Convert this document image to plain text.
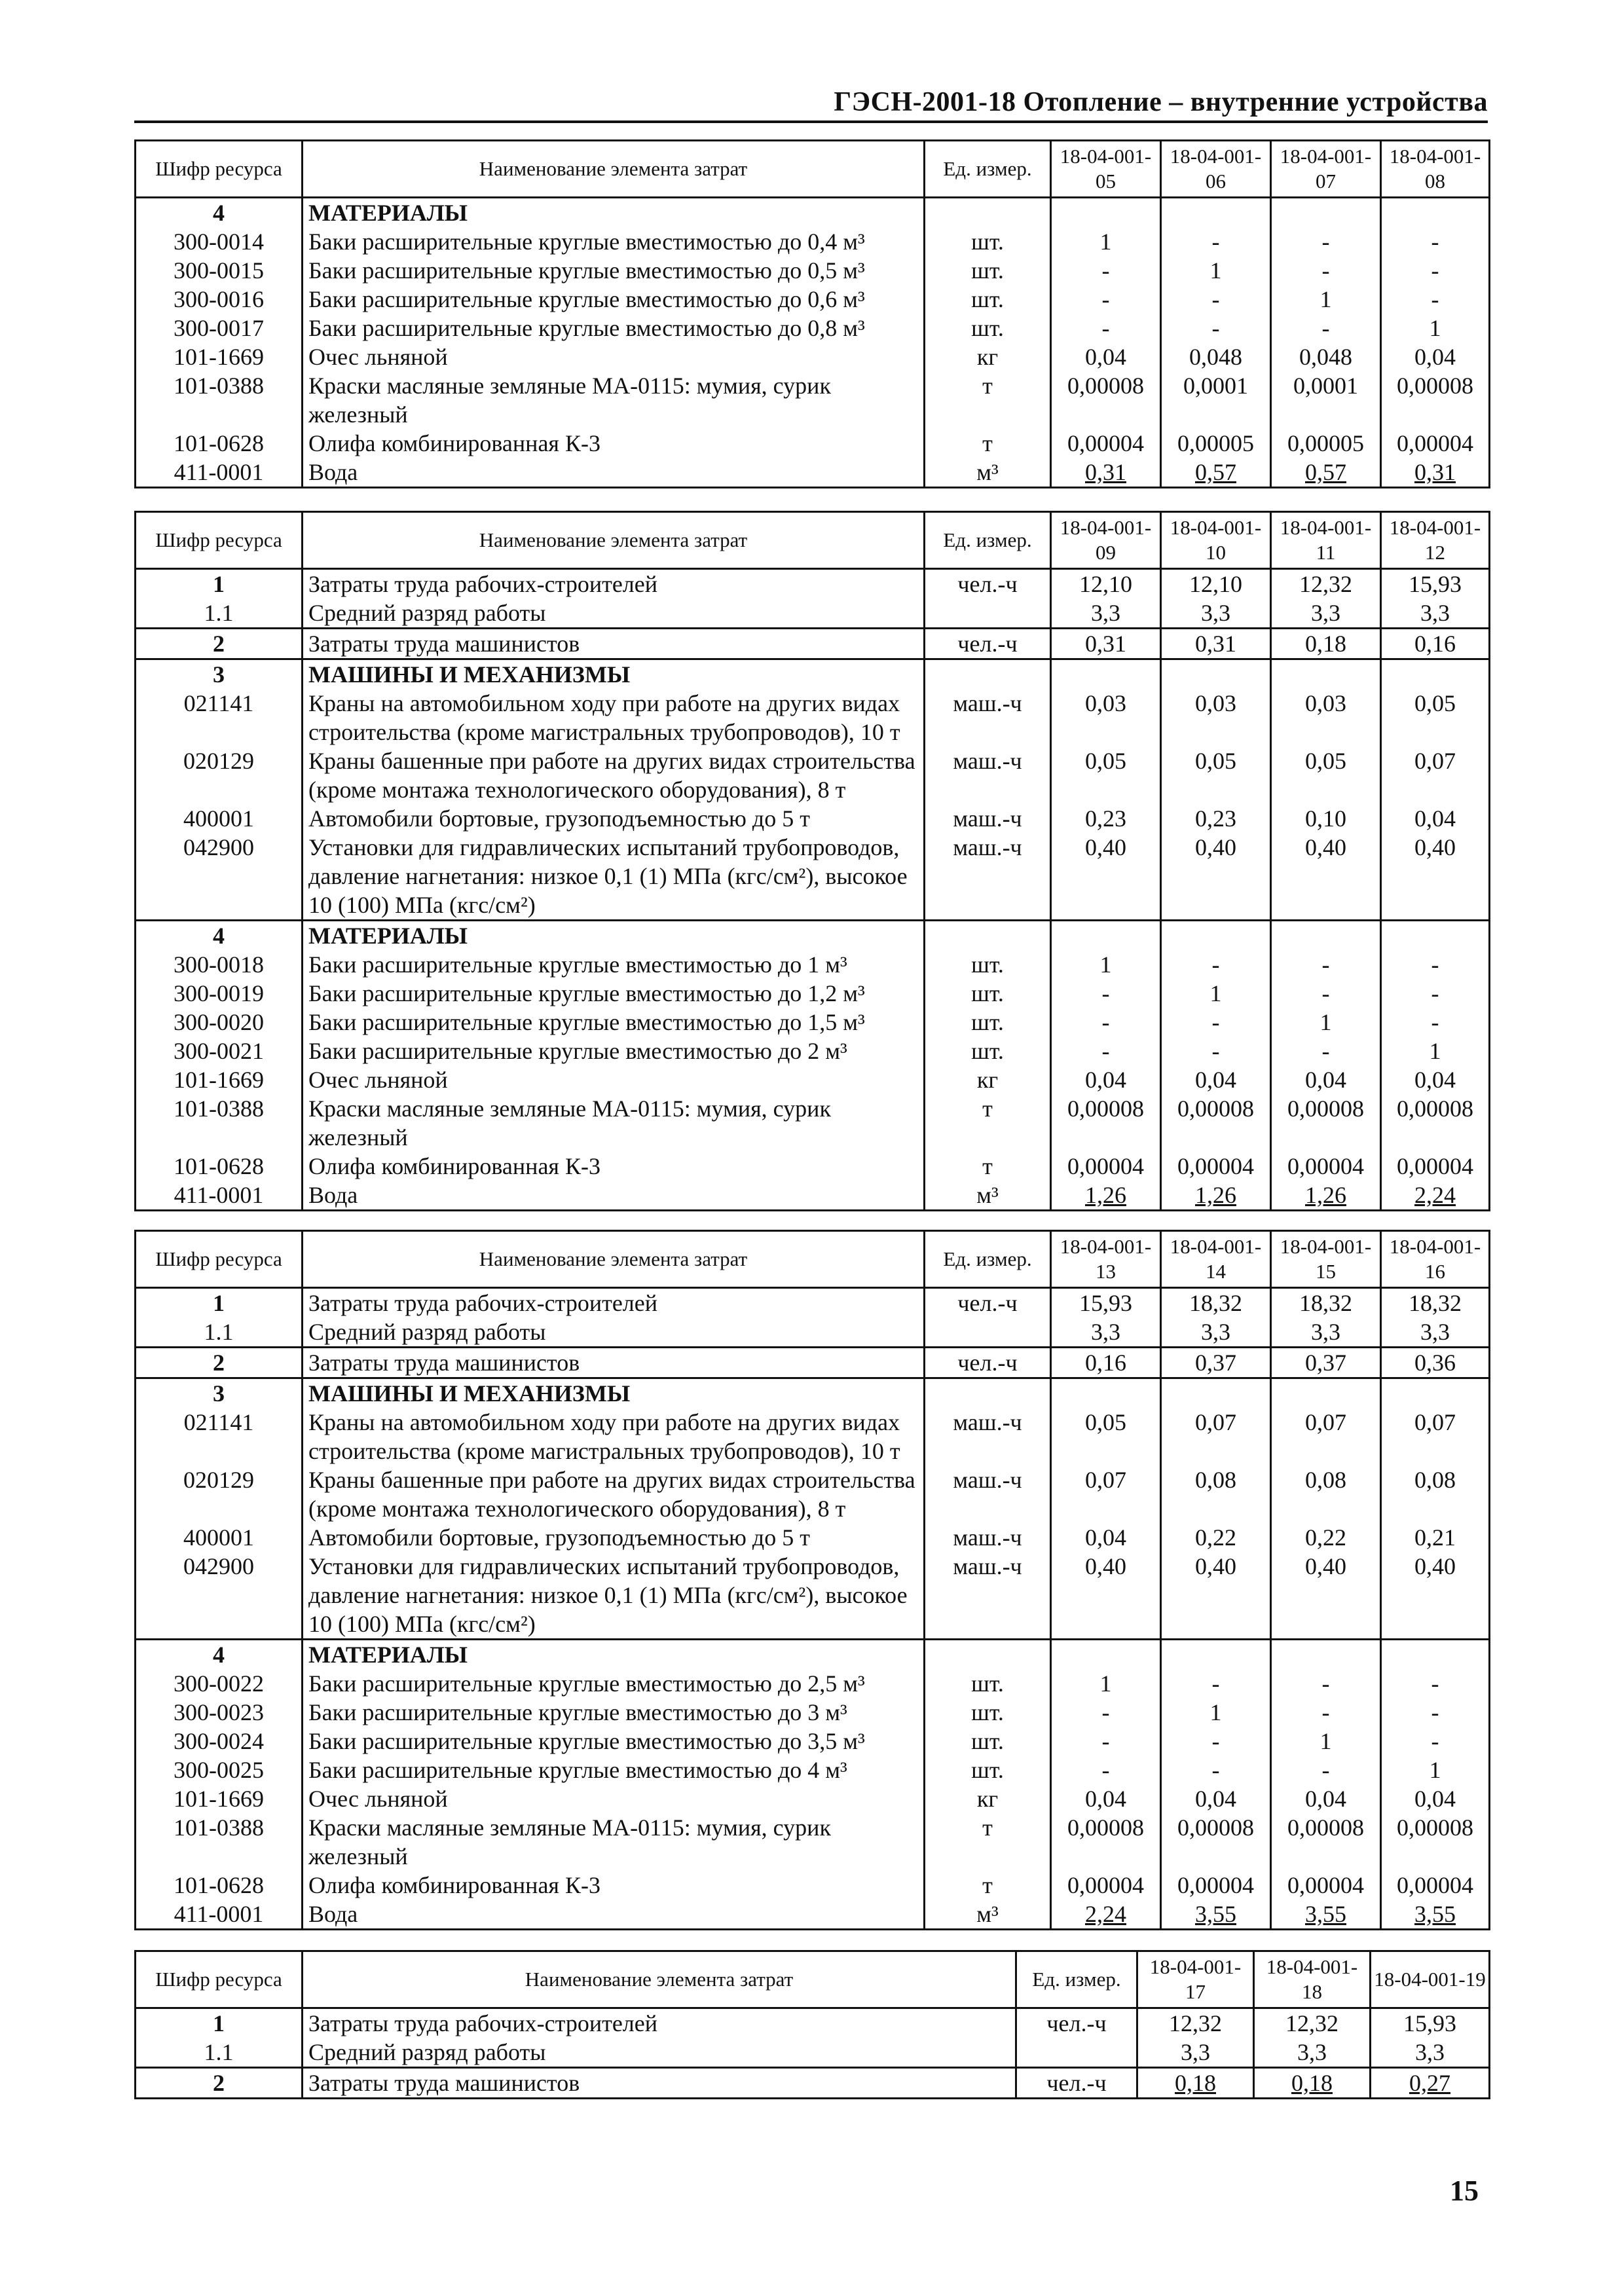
ГЭСН-2001-18 Отопление – внутренние устройства
Шифр ресурса	Наименование элемента затрат	Ед. измер.	18-04-001-05	18-04-001-06	18-04-001-07	18-04-001-08
4	МАТЕРИАЛЫ					
300-0014	Баки расширительные круглые вместимостью до 0,4 м³	шт.	1	-	-	-
300-0015	Баки расширительные круглые вместимостью до 0,5 м³	шт.	-	1	-	-
300-0016	Баки расширительные круглые вместимостью до 0,6 м³	шт.	-	-	1	-
300-0017	Баки расширительные круглые вместимостью до 0,8 м³	шт.	-	-	-	1
101-1669	Очес льняной	кг	0,04	0,048	0,048	0,04
101-0388	Краски масляные земляные МА-0115: мумия, сурик железный	т	0,00008	0,0001	0,0001	0,00008
101-0628	Олифа комбинированная К-3	т	0,00004	0,00005	0,00005	0,00004
411-0001	Вода	м³	0,31	0,57	0,57	0,31
Шифр ресурса	Наименование элемента затрат	Ед. измер.	18-04-001-09	18-04-001-10	18-04-001-11	18-04-001-12
1	Затраты труда рабочих-строителей	чел.-ч	12,10	12,10	12,32	15,93
1.1	Средний разряд работы		3,3	3,3	3,3	3,3
2	Затраты труда машинистов	чел.-ч	0,31	0,31	0,18	0,16
3	МАШИНЫ И МЕХАНИЗМЫ					
021141	Краны на автомобильном ходу при работе на других видах строительства (кроме магистральных трубопроводов), 10 т	маш.-ч	0,03	0,03	0,03	0,05
020129	Краны башенные при работе на других видах строительства (кроме монтажа технологического оборудования), 8 т	маш.-ч	0,05	0,05	0,05	0,07
400001	Автомобили бортовые, грузоподъемностью до 5 т	маш.-ч	0,23	0,23	0,10	0,04
042900	Установки для гидравлических испытаний трубопроводов, давление нагнетания: низкое 0,1 (1) МПа (кгс/см²), высокое 10 (100) МПа (кгс/см²)	маш.-ч	0,40	0,40	0,40	0,40
4	МАТЕРИАЛЫ					
300-0018	Баки расширительные круглые вместимостью до 1 м³	шт.	1	-	-	-
300-0019	Баки расширительные круглые вместимостью до 1,2 м³	шт.	-	1	-	-
300-0020	Баки расширительные круглые вместимостью до 1,5 м³	шт.	-	-	1	-
300-0021	Баки расширительные круглые вместимостью до 2 м³	шт.	-	-	-	1
101-1669	Очес льняной	кг	0,04	0,04	0,04	0,04
101-0388	Краски масляные земляные МА-0115: мумия, сурик железный	т	0,00008	0,00008	0,00008	0,00008
101-0628	Олифа комбинированная К-3	т	0,00004	0,00004	0,00004	0,00004
411-0001	Вода	м³	1,26	1,26	1,26	2,24
Шифр ресурса	Наименование элемента затрат	Ед. измер.	18-04-001-13	18-04-001-14	18-04-001-15	18-04-001-16
1	Затраты труда рабочих-строителей	чел.-ч	15,93	18,32	18,32	18,32
1.1	Средний разряд работы		3,3	3,3	3,3	3,3
2	Затраты труда машинистов	чел.-ч	0,16	0,37	0,37	0,36
3	МАШИНЫ И МЕХАНИЗМЫ					
021141	Краны на автомобильном ходу при работе на других видах строительства (кроме магистральных трубопроводов), 10 т	маш.-ч	0,05	0,07	0,07	0,07
020129	Краны башенные при работе на других видах строительства (кроме монтажа технологического оборудования), 8 т	маш.-ч	0,07	0,08	0,08	0,08
400001	Автомобили бортовые, грузоподъемностью до 5 т	маш.-ч	0,04	0,22	0,22	0,21
042900	Установки для гидравлических испытаний трубопроводов, давление нагнетания: низкое 0,1 (1) МПа (кгс/см²), высокое 10 (100) МПа (кгс/см²)	маш.-ч	0,40	0,40	0,40	0,40
4	МАТЕРИАЛЫ					
300-0022	Баки расширительные круглые вместимостью до 2,5 м³	шт.	1	-	-	-
300-0023	Баки расширительные круглые вместимостью до 3 м³	шт.	-	1	-	-
300-0024	Баки расширительные круглые вместимостью до 3,5 м³	шт.	-	-	1	-
300-0025	Баки расширительные круглые вместимостью до 4 м³	шт.	-	-	-	1
101-1669	Очес льняной	кг	0,04	0,04	0,04	0,04
101-0388	Краски масляные земляные МА-0115: мумия, сурик железный	т	0,00008	0,00008	0,00008	0,00008
101-0628	Олифа комбинированная К-3	т	0,00004	0,00004	0,00004	0,00004
411-0001	Вода	м³	2,24	3,55	3,55	3,55
Шифр ресурса	Наименование элемента затрат	Ед. измер.	18-04-001-17	18-04-001-18	18-04-001-19
1	Затраты труда рабочих-строителей	чел.-ч	12,32	12,32	15,93
1.1	Средний разряд работы		3,3	3,3	3,3
2	Затраты труда машинистов	чел.-ч	0,18	0,18	0,27
15
